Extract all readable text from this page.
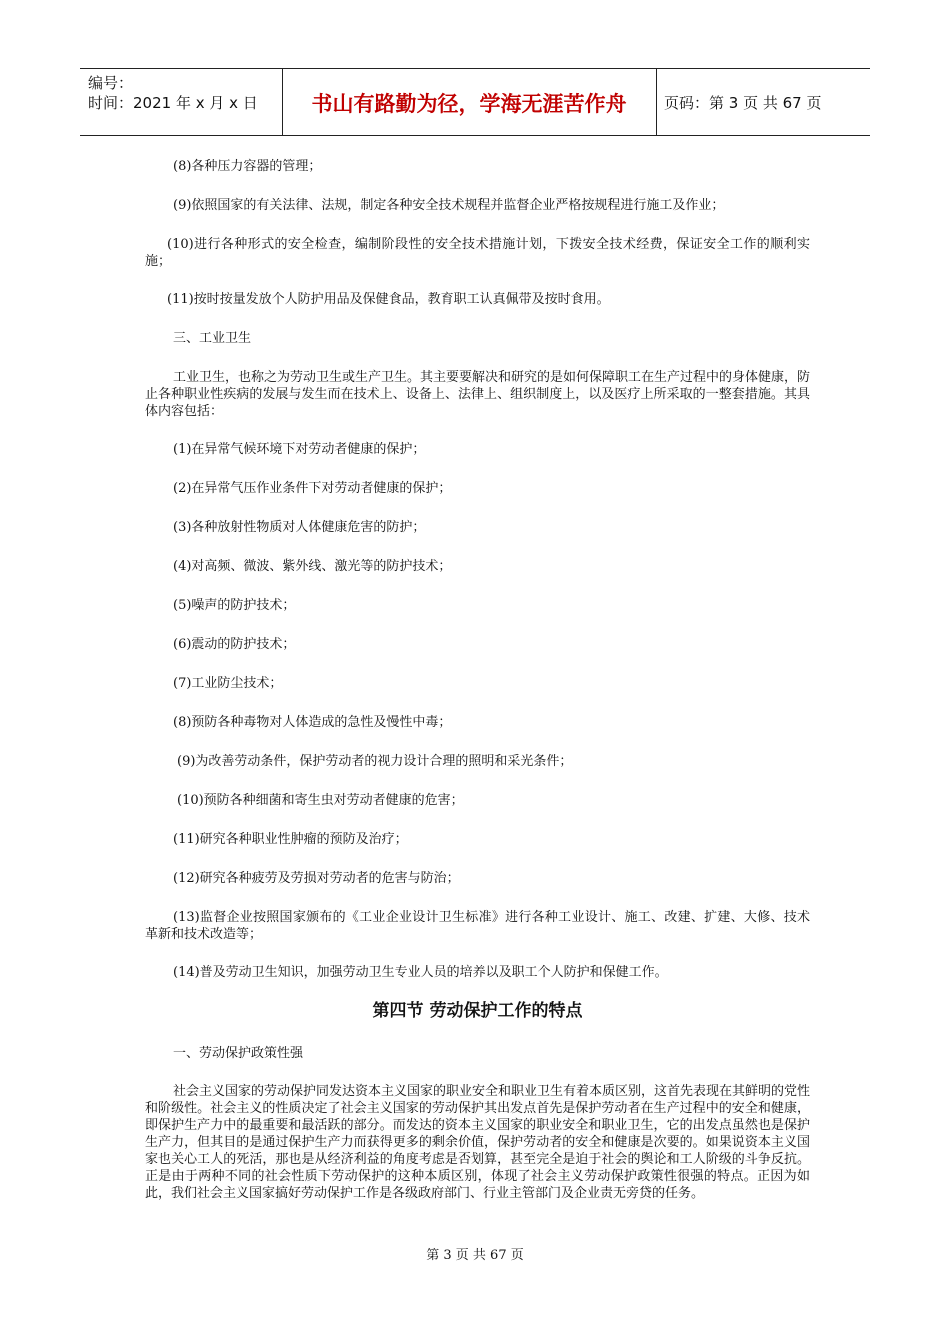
编号：
时间：2021 年 x 月 x 日	书山有路勤为径，学海无涯苦作舟	页码：第 3 页 共 67 页

(8)各种压力容器的管理；

(9)依照国家的有关法律、法规，制定各种安全技术规程并监督企业严格按规程进行施工及作业；

(10)进行各种形式的安全检查，编制阶段性的安全技术措施计划，下拨安全技术经费，保证安全工作的顺利实施；

(11)按时按量发放个人防护用品及保健食品，教育职工认真佩带及按时食用。

三、工业卫生

工业卫生，也称之为劳动卫生或生产卫生。其主要要解决和研究的是如何保障职工在生产过程中的身体健康，防止各种职业性疾病的发展与发生而在技术上、设备上、法律上、组织制度上，以及医疗上所采取的一整套措施。其具体内容包括：

(1)在异常气候环境下对劳动者健康的保护；

(2)在异常气压作业条件下对劳动者健康的保护；

(3)各种放射性物质对人体健康危害的防护；

(4)对高频、微波、紫外线、激光等的防护技术；

(5)噪声的防护技术；

(6)震动的防护技术；

(7)工业防尘技术；

(8)预防各种毒物对人体造成的急性及慢性中毒；

(9)为改善劳动条件，保护劳动者的视力设计合理的照明和采光条件；

(10)预防各种细菌和寄生虫对劳动者健康的危害；

(11)研究各种职业性肿瘤的预防及治疗；

(12)研究各种疲劳及劳损对劳动者的危害与防治；

(13)监督企业按照国家颁布的《工业企业设计卫生标准》进行各种工业设计、施工、改建、扩建、大修、技术革新和技术改造等；

(14)普及劳动卫生知识，加强劳动卫生专业人员的培养以及职工个人防护和保健工作。

第四节 劳动保护工作的特点

一、劳动保护政策性强

社会主义国家的劳动保护同发达资本主义国家的职业安全和职业卫生有着本质区别，这首先表现在其鲜明的党性和阶级性。社会主义的性质决定了社会主义国家的劳动保护其出发点首先是保护劳动者在生产过程中的安全和健康，即保护生产力中的最重要和最活跃的部分。而发达的资本主义国家的职业安全和职业卫生，它的出发点虽然也是保护生产力，但其目的是通过保护生产力而获得更多的剩余价值，保护劳动者的安全和健康是次要的。如果说资本主义国家也关心工人的死活，那也是从经济利益的角度考虑是否划算，甚至完全是迫于社会的舆论和工人阶级的斗争反抗。正是由于两种不同的社会性质下劳动保护的这种本质区别，体现了社会主义劳动保护政策性很强的特点。正因为如此，我们社会主义国家搞好劳动保护工作是各级政府部门、行业主管部门及企业责无旁贷的任务。

第 3 页 共 67 页
